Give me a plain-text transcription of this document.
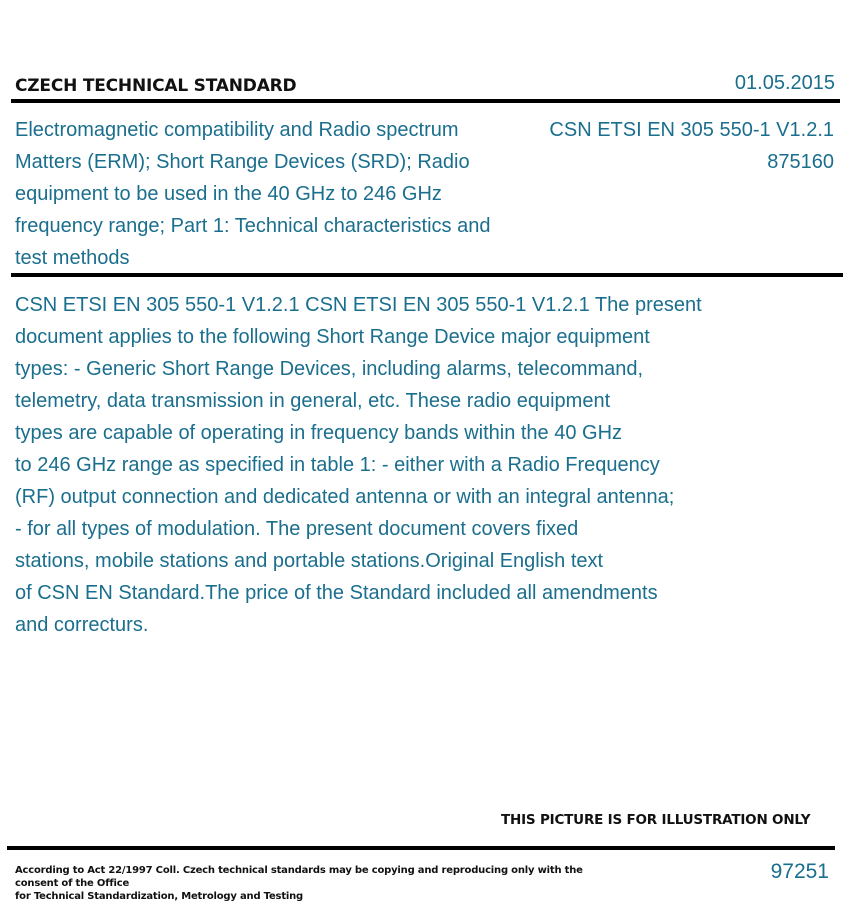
CZECH TECHNICAL STANDARD	01.05.2015
Electromagnetic compatibility and Radio spectrum Matters (ERM); Short Range Devices (SRD); Radio equipment to be used in the 40 GHz to 246 GHz frequency range; Part 1: Technical characteristics and test methods
CSN ETSI EN 305 550-1 V1.2.1
875160
CSN ETSI EN 305 550-1 V1.2.1 CSN ETSI EN 305 550-1 V1.2.1 The present
document applies to the following Short Range Device major equipment
types: - Generic Short Range Devices, including alarms, telecommand,
telemetry, data transmission in general, etc. These radio equipment
types are capable of operating in frequency bands within the 40 GHz
to 246 GHz range as specified in table 1: - either with a Radio Frequency
(RF) output connection and dedicated antenna or with an integral antenna;
- for all types of modulation. The present document covers fixed
stations, mobile stations and portable stations.Original English text
of CSN EN Standard.The price of the Standard included all amendments
and correcturs.
THIS PICTURE IS FOR ILLUSTRATION ONLY
According to Act 22/1997 Coll. Czech technical standards may be copying and reproducing only with the consent of the Office
for Technical Standardization, Metrology and Testing
97251
